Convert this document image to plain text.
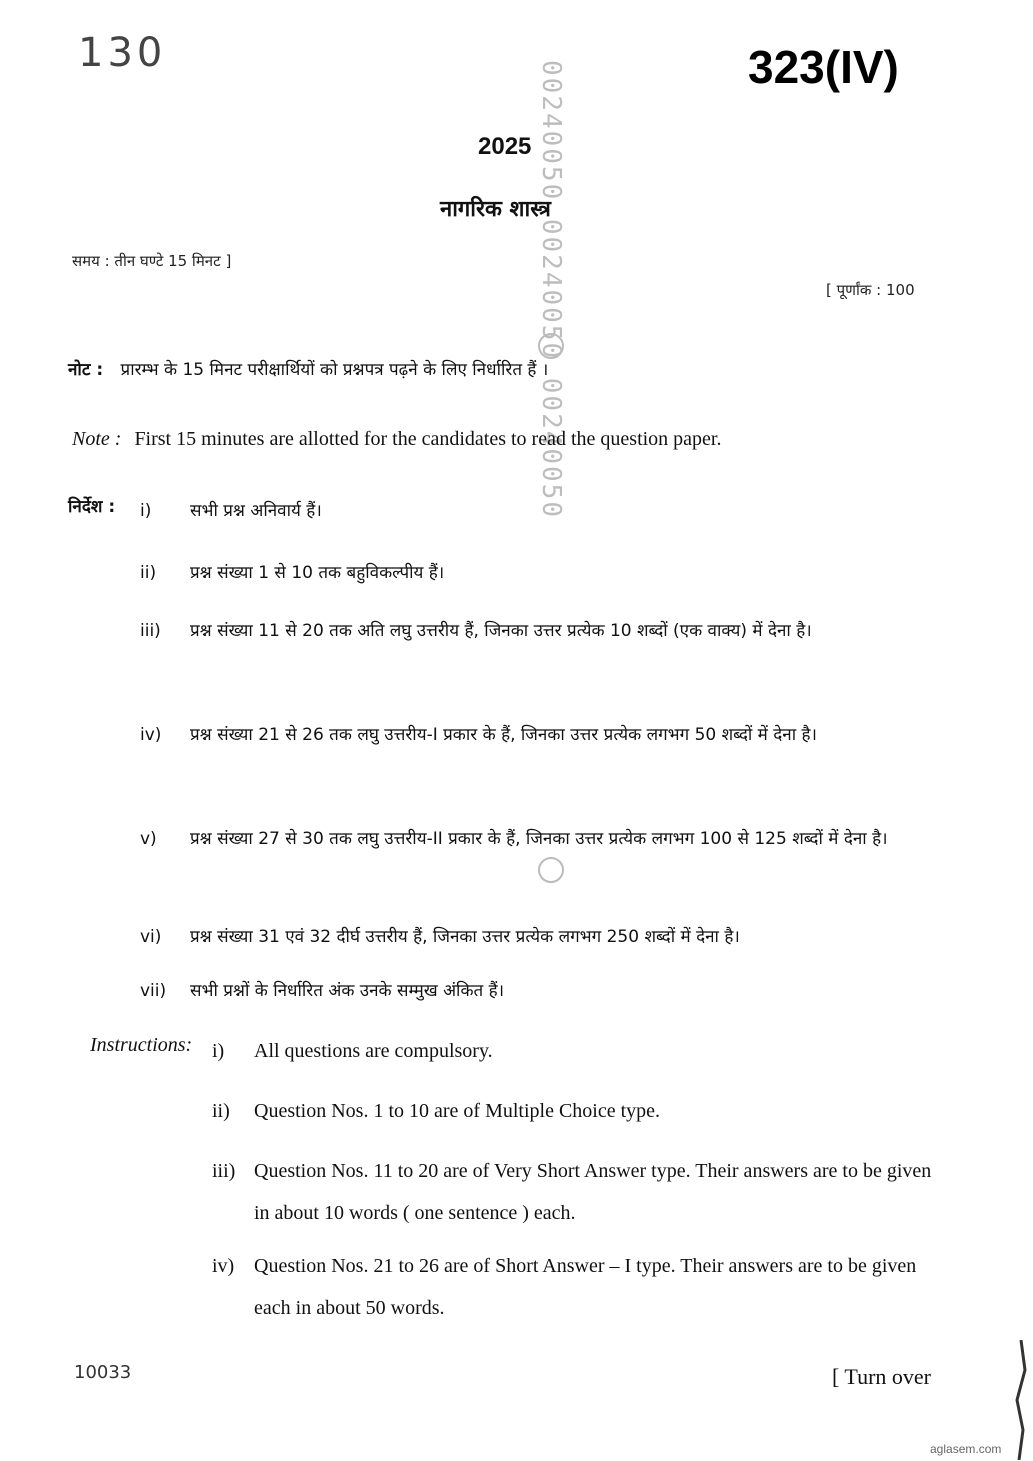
130	323(IV)
00240050 00240050 00240050
2025
नागरिक शास्त्र
समय : तीन घण्टे 15 मिनट ]
[ पूर्णांक : 100
नोट : प्रारम्भ के 15 मिनट परीक्षार्थियों को प्रश्नपत्र पढ़ने के लिए निर्धारित हैं ।
Note : First 15 minutes are allotted for the candidates to read the question paper.
निर्देश : i)	सभी प्रश्न अनिवार्य हैं।
ii)	प्रश्न संख्या 1 से 10 तक बहुविकल्पीय हैं।
iii)	प्रश्न संख्या 11 से 20 तक अति लघु उत्तरीय हैं, जिनका उत्तर प्रत्येक 10 शब्दों (एक वाक्य) में देना है।
iv)	प्रश्न संख्या 21 से 26 तक लघु उत्तरीय-I प्रकार के हैं, जिनका उत्तर प्रत्येक लगभग 50 शब्दों में देना है।
v)	प्रश्न संख्या 27 से 30 तक लघु उत्तरीय-II प्रकार के हैं, जिनका उत्तर प्रत्येक लगभग 100 से 125 शब्दों में देना है।
vi)	प्रश्न संख्या 31 एवं 32 दीर्घ उत्तरीय हैं, जिनका उत्तर प्रत्येक लगभग 250 शब्दों में देना है।
vii)	सभी प्रश्नों के निर्धारित अंक उनके सम्मुख अंकित हैं।
Instructions: i)	All questions are compulsory.
ii)	Question Nos. 1 to 10 are of Multiple Choice type.
iii) Question Nos. 11 to 20 are of Very Short Answer type. Their answers are to be given in about 10 words ( one sentence ) each.
iv) Question Nos. 21 to 26 are of Short Answer – I type. Their answers are to be given each in about 50 words.
10033	[ Turn over
aglasem.com
